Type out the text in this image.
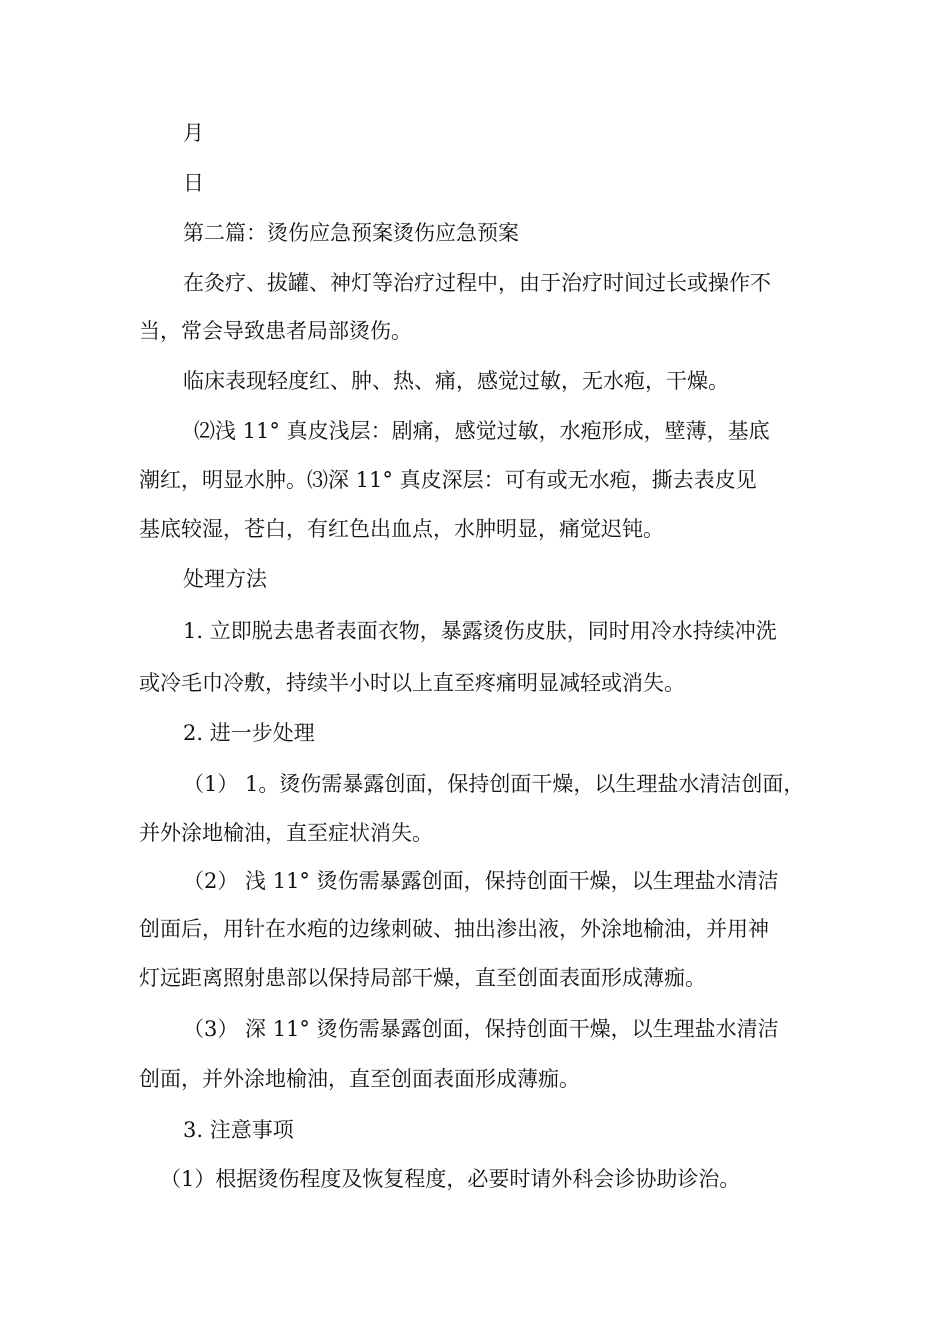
月
日
第二篇：烫伤应急预案烫伤应急预案
在灸疗、拔罐、神灯等治疗过程中，由于治疗时间过长或操作不
当，常会导致患者局部烫伤。
临床表现轻度红、肿、热、痛，感觉过敏，无水疱，干燥。
⑵浅 11° 真皮浅层：剧痛，感觉过敏，水疱形成，壁薄，基底
潮红，明显水肿。⑶深 11° 真皮深层：可有或无水疱，撕去表皮见
基底较湿，苍白，有红色出血点，水肿明显，痛觉迟钝。
处理方法
1. 立即脱去患者表面衣物，暴露烫伤皮肤，同时用冷水持续冲洗
或冷毛巾冷敷，持续半小时以上直至疼痛明显减轻或消失。
2. 进一步处理
（1） 1。烫伤需暴露创面，保持创面干燥，以生理盐水清洁创面，
并外涂地榆油，直至症状消失。
（2） 浅 11° 烫伤需暴露创面，保持创面干燥，以生理盐水清洁
创面后，用针在水疱的边缘刺破、抽出渗出液，外涂地榆油，并用神
灯远距离照射患部以保持局部干燥，直至创面表面形成薄痂。
（3） 深 11° 烫伤需暴露创面，保持创面干燥，以生理盐水清洁
创面，并外涂地榆油，直至创面表面形成薄痂。
3. 注意事项
（1）根据烫伤程度及恢复程度，必要时请外科会诊协助诊治。
